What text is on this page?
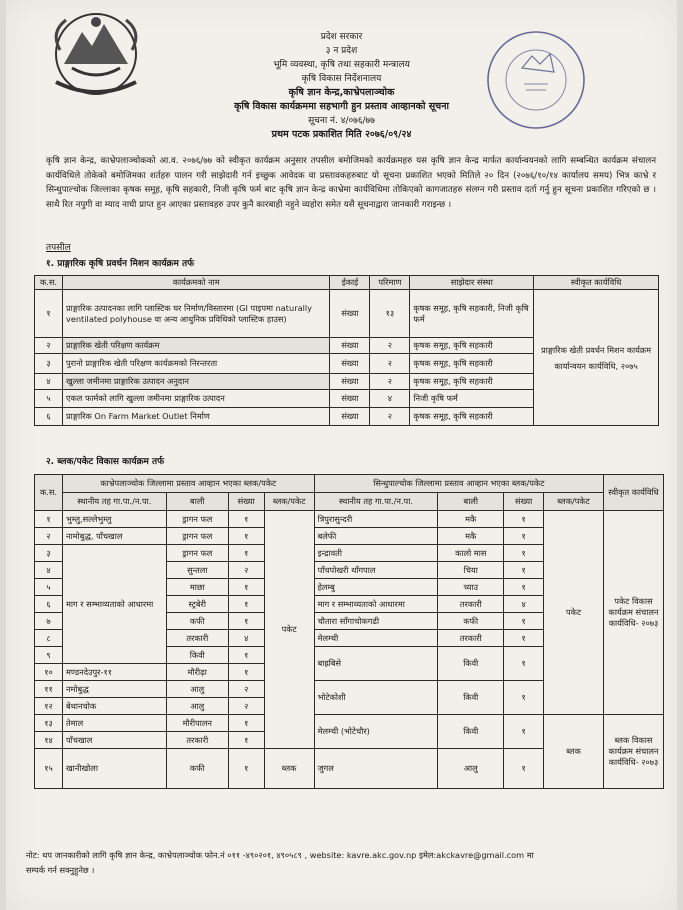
प्रदेश सरकार
३ न प्रदेश
भूमि व्यवस्था, कृषि तथा सहकारी मन्त्रालय
कृषि विकास निर्देशनालय
कृषि ज्ञान केन्द्र,काभ्रेपलाञ्चोक
कृषि विकास कार्यक्रममा सहभागी हुन प्रस्ताव आव्हानको सूचना
सूचना नं. ४/०७६/७७
प्रथम पटक प्रकाशित मिति २०७६/०९/२४
कृषि ज्ञान केन्द्र, काभ्रेपलाञ्चोकको आ.व. २०७६/७७ को स्वीकृत कार्यक्रम अनुसार तपसील बमोजिमको कार्यक्रमहरु यस कृषि ज्ञान केन्द्र मार्फत कार्यान्वयनको लागि सम्बन्धित कार्यक्रम संचालन कार्यविधिले तोकेको बमोजिमका शर्तहरु पालन गरी साझेदारी गर्न इच्छुक आवेदक वा प्रस्तावकहरुबाट यो सूचना प्रकाशित भएको मितिले २० दिन (२०७६/१०/१४ कार्यालय समय) भित्र काभ्रे र सिन्धुपाल्चोक जिल्लाका कृषक समूह, कृषि सहकारी, निजी कृषि फर्म बाट कृषि ज्ञान केन्द्र काभ्रेमा कार्यविधिमा तोकिएको कागजातहरु संलग्न गरी प्रस्ताव दर्ता गर्नु हुन सूचना प्रकाशित गरिएको छ । साथै रित नपुगी वा म्याद नाघी प्राप्त हुन आएका प्रस्तावहरु उपर कुनै कारबाही नहुने व्यहोरा समेत यसै सूचनाद्वारा जानकारी गराइन्छ ।
तपसील
१. प्राङ्गारिक कृषि प्रवर्धन मिशन कार्यक्रम तर्फ
क.स.	कार्यक्रमको नाम	ईकाई	परिमाण	साझेदार संस्था	स्वीकृत कार्यविधि
१	प्राङ्गारिक उत्पादनका लागि प्लास्टिक घर निर्माण/विस्तारमा (GI पाइपमा naturally ventilated polyhouse वा अन्य आधुनिक प्रविधिको प्लास्टिक हाउस)	संख्या	१३	कृषक समूह, कृषि सहकारी, निजी कृषि फर्म	प्राङ्गारिक खेती प्रवर्धन मिशन कार्यक्रम कार्यान्वयन कार्यविधि, २०७५
२	प्राङ्गारिक खेती परिक्षण कार्यक्रम	संख्या	२	कृषक समूह, कृषि सहकारी	
३	पुरानो प्राङ्गारिक खेती परिक्षण कार्यक्रमको निरन्तरता	संख्या	२	कृषक समूह, कृषि सहकारी	
४	खुल्ला जमीनमा प्राङ्गारिक उत्पादन अनुदान	संख्या	२	कृषक समूह, कृषि सहकारी	
५	एकल फार्मको लागि खुल्ला जमीनमा प्राङ्गारिक उत्पादन	संख्या	४	निजी कृषि फर्म	
६	प्राङ्गारिक On Farm Market Outlet निर्माण	संख्या	२	कृषक समूह, कृषि सहकारी	
२. ब्लक/पकेट विकास कार्यक्रम तर्फ
क.स.	काभ्रेपलाञ्चोक जिल्लामा प्रस्ताव आव्हान भएका ब्लक/पकेट				सिन्धुपाल्चोक जिल्लामा प्रस्ताव आव्हान भएका ब्लक/पकेट				स्वीकृत कार्यविधि
	स्थानीय तह गा.पा./न.पा.	बाली	संख्या	ब्लक/पकेट	स्थानीय तह गा.पा./न.पा.	बाली	संख्या	ब्लक/पकेट	
१	भुम्लु,सल्लेभुम्लु	ड्रागन फल	१	पकेट	त्रिपुरासुन्दरी	मकै	१	पकेट	पकेट विकास कार्यक्रम संचालन कार्यविधि- २०७३
२	नामोबुद्ध, पाँचखाल	ड्रागन फल	१		बलेफी	मकै	१		
३	माग र सम्भाव्यताको आधारमा	ड्रागन फल	१		इन्द्रावती	कालो मास	१		
४		सुन्तला	२		पाँचपोखरी थाँगपाल	चिया	१		
५		माछा	१		हेलम्बु	च्याउ	१		
६		स्ट्रबेरी	१		माग र सम्भाव्यताको आधारमा	तरकारी	४		
७		कफी	१		चौतारा साँगाचोकगढी	कफी	१		
८		तरकारी	४		मेलम्ची	तरकारी	१		
९		किवी	१		बाह्रबिसे	किवी	१		
१०	मण्डनदेउपुर-११	मौरीढ़ा	१						
११	नमोबुद्ध	आलु	२		भोटेकोशी	किवी	१		
१२	बेथानचोक	आलु	२						
१३	तेमाल	मौरीपालन	१		मेलम्ची (भोटेचौर)	किवी	१	ब्लक	ब्लक विकास कार्यक्रम संचालन कार्यविधि- २०७३
१४	पाँचखाल	तरकारी	१						
१५	खानीखोला	कफी	१	ब्लक	जुगल	आलु	१		
नोट: थप जानकारीको लागि कृषि ज्ञान केन्द्र, काभ्रेपलाञ्चोक फोन.नं ०११ -४९०२०१, ४९०५८९ , website: kavre.akc.gov.np इमेल:akckavre@gmail.com मा
सम्पर्क गर्न सक्नुहुनेछ ।
